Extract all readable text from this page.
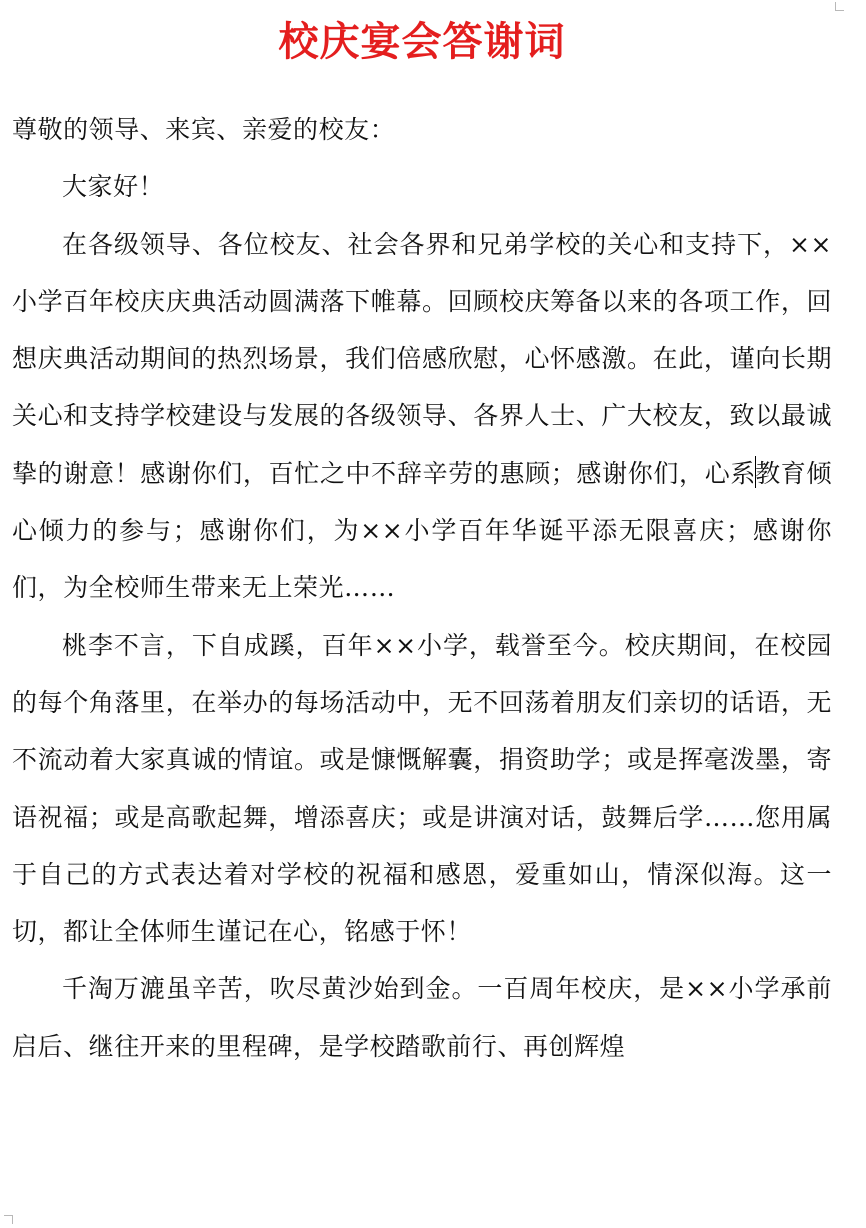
校庆宴会答谢词

尊敬的领导、来宾、亲爱的校友：

大家好！

在各级领导、各位校友、社会各界和兄弟学校的关心和支持下，××小学百年校庆庆典活动圆满落下帷幕。回顾校庆筹备以来的各项工作，回想庆典活动期间的热烈场景，我们倍感欣慰，心怀感激。在此，谨向长期关心和支持学校建设与发展的各级领导、各界人士、广大校友，致以最诚挚的谢意！感谢你们，百忙之中不辞辛劳的惠顾；感谢你们，心系教育倾心倾力的参与；感谢你们，为××小学百年华诞平添无限喜庆；感谢你们，为全校师生带来无上荣光……

桃李不言，下自成蹊，百年××小学，载誉至今。校庆期间，在校园的每个角落里，在举办的每场活动中，无不回荡着朋友们亲切的话语，无不流动着大家真诚的情谊。或是慷慨解囊，捐资助学；或是挥毫泼墨，寄语祝福；或是高歌起舞，增添喜庆；或是讲演对话，鼓舞后学……您用属于自己的方式表达着对学校的祝福和感恩，爱重如山，情深似海。这一切，都让全体师生谨记在心，铭感于怀！

千淘万漉虽辛苦，吹尽黄沙始到金。一百周年校庆，是××小学承前启后、继往开来的里程碑，是学校踏歌前行、再创辉煌
